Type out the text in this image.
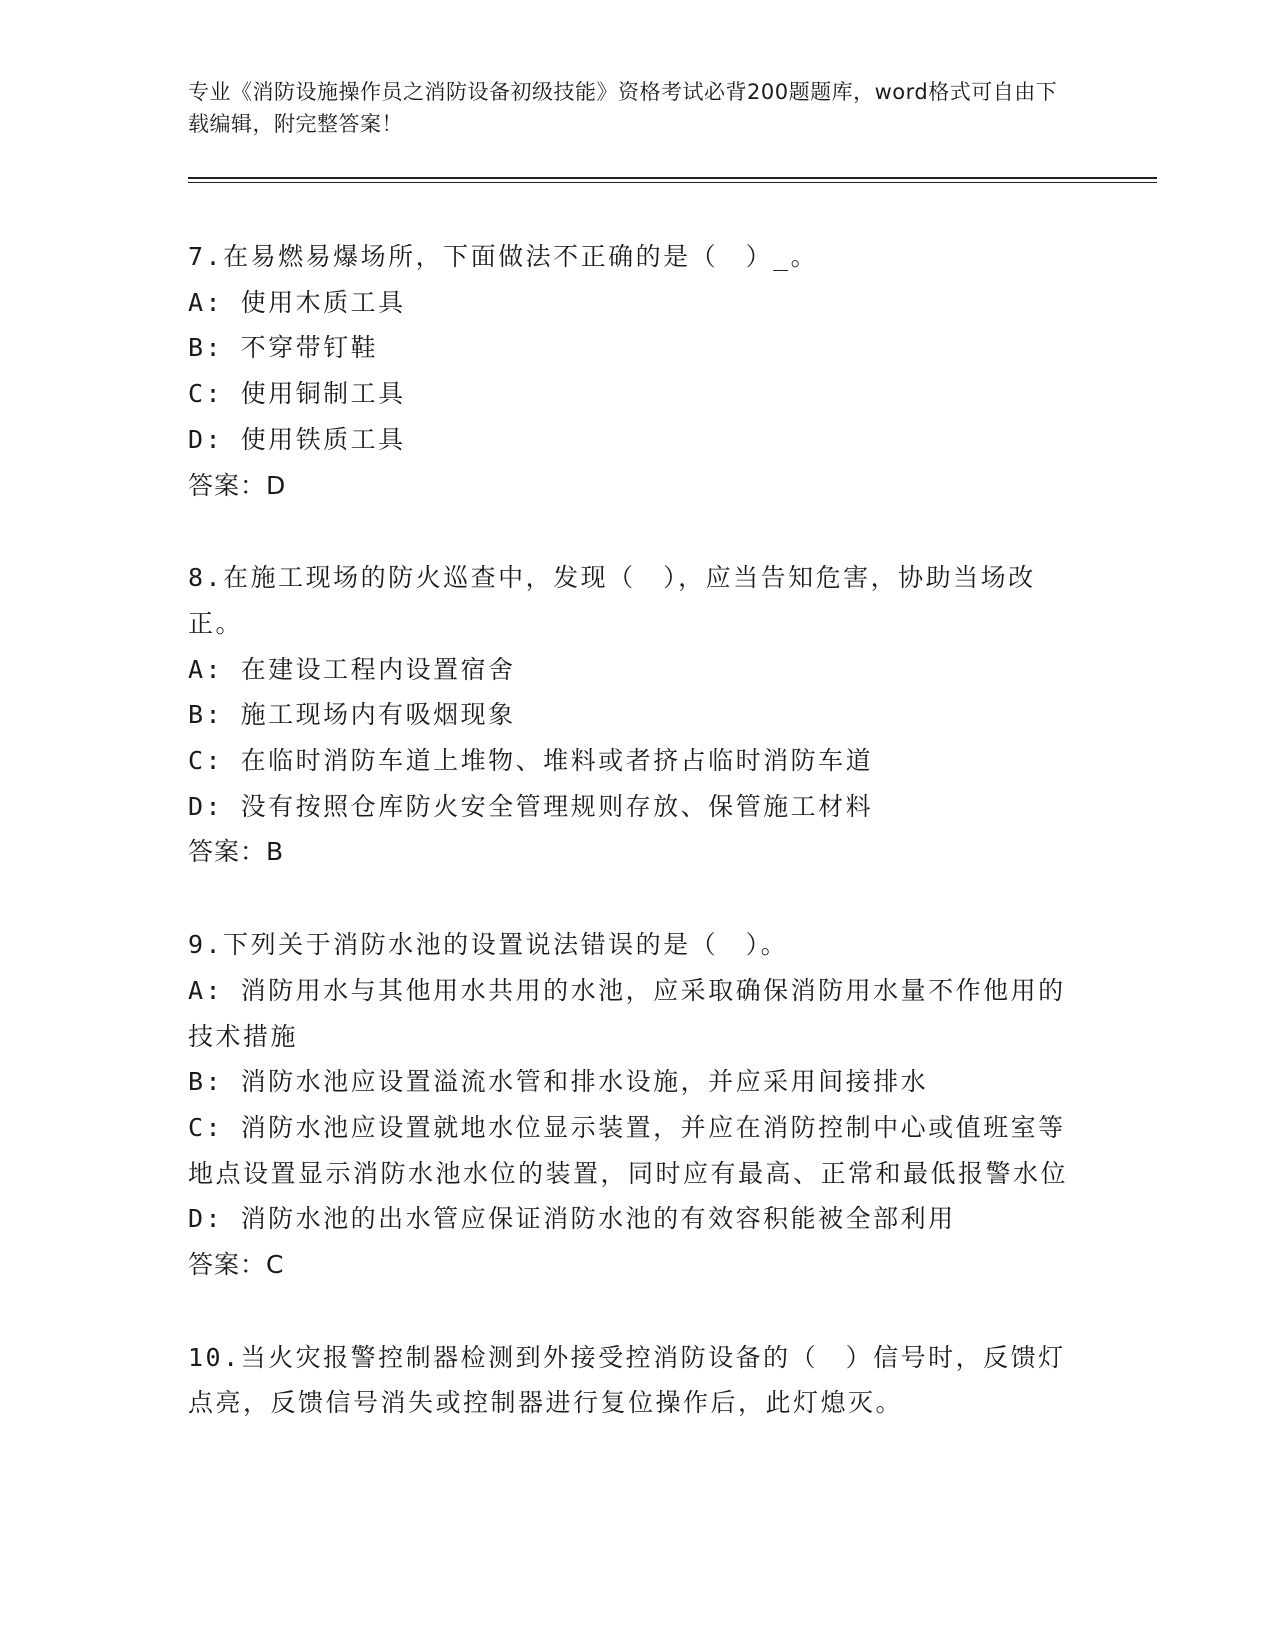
专业《消防设施操作员之消防设备初级技能》资格考试必背200题题库，word格式可自由下载编辑，附完整答案！
7.在易燃易爆场所，下面做法不正确的是（　）_。
A: 使用木质工具
B: 不穿带钉鞋
C: 使用铜制工具
D: 使用铁质工具
答案：D
8.在施工现场的防火巡查中，发现（　），应当告知危害，协助当场改正。
A: 在建设工程内设置宿舍
B: 施工现场内有吸烟现象
C: 在临时消防车道上堆物、堆料或者挤占临时消防车道
D: 没有按照仓库防火安全管理规则存放、保管施工材料
答案：B
9.下列关于消防水池的设置说法错误的是（　）。
A: 消防用水与其他用水共用的水池，应采取确保消防用水量不作他用的技术措施
B: 消防水池应设置溢流水管和排水设施，并应采用间接排水
C: 消防水池应设置就地水位显示装置，并应在消防控制中心或值班室等地点设置显示消防水池水位的装置，同时应有最高、正常和最低报警水位
D: 消防水池的出水管应保证消防水池的有效容积能被全部利用
答案：C
10.当火灾报警控制器检测到外接受控消防设备的（　）信号时，反馈灯点亮，反馈信号消失或控制器进行复位操作后，此灯熄灭。
